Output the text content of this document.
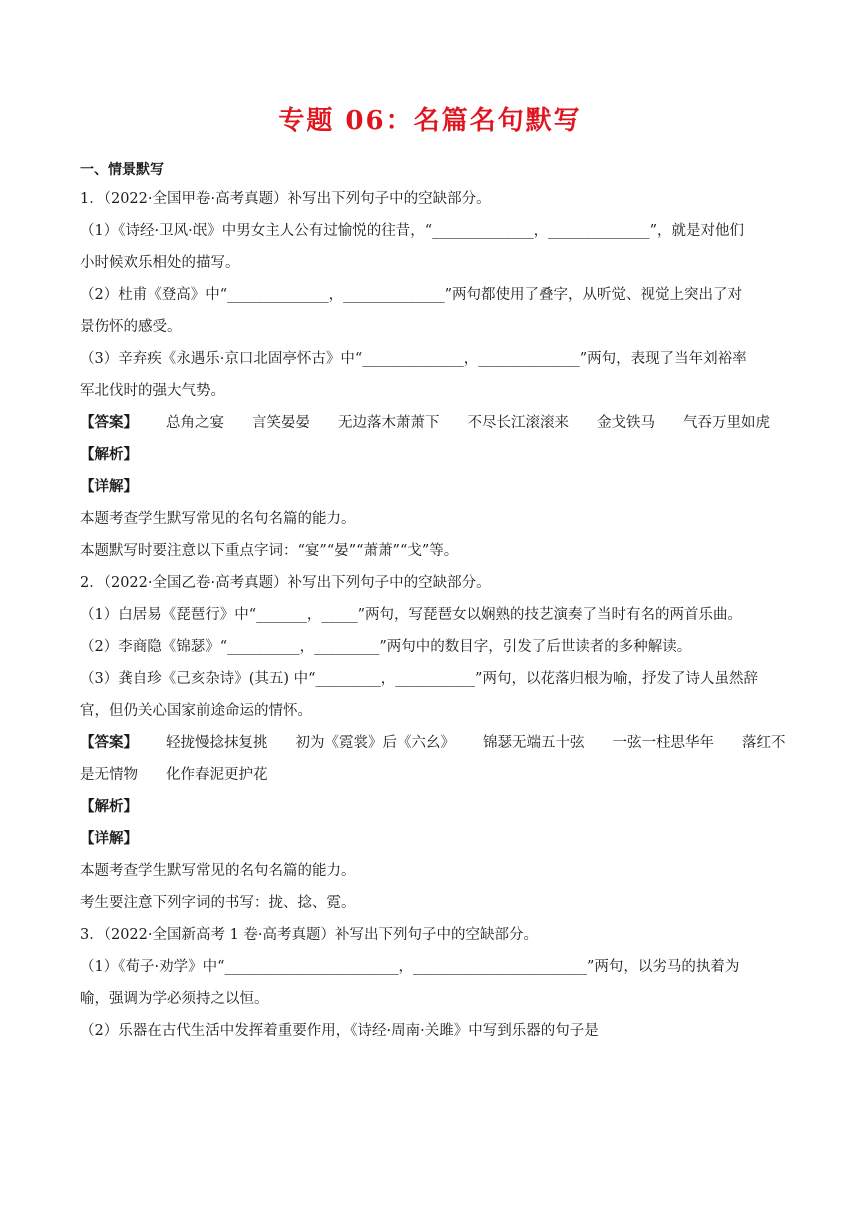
专题 06：名篇名句默写
一、情景默写
1．（2022·全国甲卷·高考真题）补写出下列句子中的空缺部分。
（1）《诗经·卫风·氓》中男女主人公有过愉悦的往昔，“______________，______________”，就是对他们
小时候欢乐相处的描写。
（2）杜甫《登高》中“______________，______________”两句都使用了叠字，从听觉、视觉上突出了对
景伤怀的感受。
（3）辛弃疾《永遇乐·京口北固亭怀古》中“______________，______________”两句，表现了当年刘裕率
军北伐时的强大气势。
【答案】 总角之宴 言笑晏晏 无边落木萧萧下 不尽长江滚滚来 金戈铁马 气吞万里如虎
【解析】
【详解】
本题考查学生默写常见的名句名篇的能力。
本题默写时要注意以下重点字词：“宴”“晏”“萧萧”“戈”等。
2．（2022·全国乙卷·高考真题）补写出下列句子中的空缺部分。
（1）白居易《琵琶行》中“_______，_____”两句，写琵琶女以娴熟的技艺演奏了当时有名的两首乐曲。
（2）李商隐《锦瑟》“__________，_________”两句中的数目字，引发了后世读者的多种解读。
（3）龚自珍《己亥杂诗》(其五) 中“_________，___________”两句，以花落归根为喻，抒发了诗人虽然辞
官，但仍关心国家前途命运的情怀。
【答案】 轻拢慢捻抹复挑 初为《霓裳》后《六幺》 锦瑟无端五十弦 一弦一柱思华年 落红不
是无情物 化作春泥更护花
【解析】
【详解】
本题考查学生默写常见的名句名篇的能力。
考生要注意下列字词的书写：拢、捻、霓。
3．（2022·全国新高考 1 卷·高考真题）补写出下列句子中的空缺部分。
（1）《荀子·劝学》中“________________________，________________________”两句，以劣马的执着为
喻，强调为学必须持之以恒。
（2）乐器在古代生活中发挥着重要作用，《诗经·周南·关雎》中写到乐器的句子是
